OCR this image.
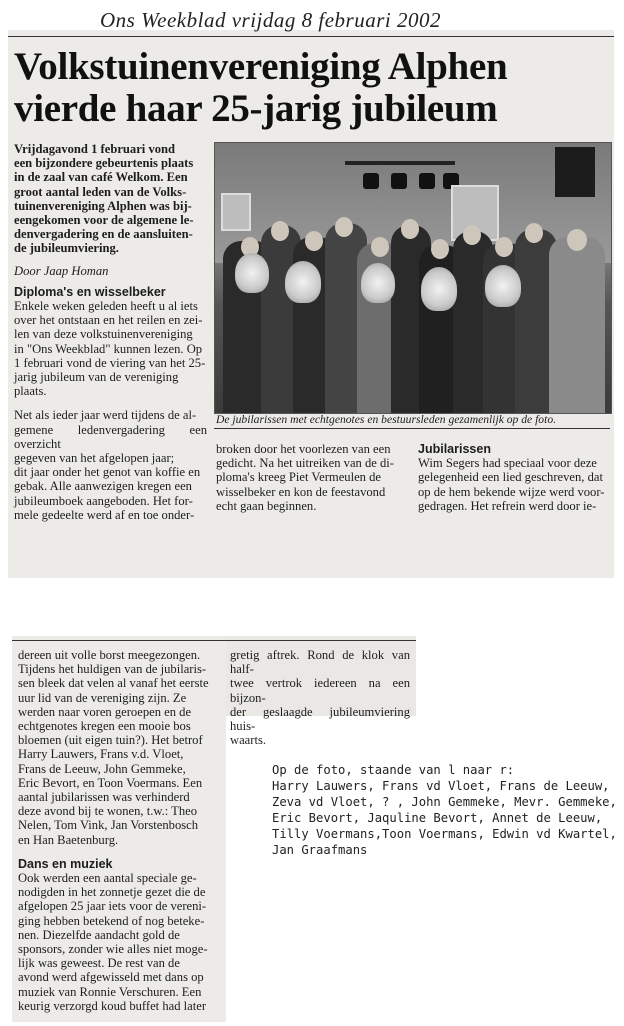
Ons Weekblad vrijdag 8 februari 2002
Volkstuinenvereniging Alphen
vierde haar 25-jarig jubileum

Vrijdagavond 1 februari vond

een bijzondere gebeurtenis plaats

in de zaal van café Welkom. Een

groot aantal leden van de Volks-

tuinenvereniging Alphen was bij-

eengekomen voor de algemene le-

denvergadering en de aansluiten-

de jubileumviering.

Door Jaap Homan

Diploma's en wisselbeker

Enkele weken geleden heeft u al iets

over het ontstaan en het reilen en zei-

len van deze volkstuinenvereniging

in "Ons Weekblad" kunnen lezen. Op

1 februari vond de viering van het 25-

jarig jubileum van de vereniging

plaats.

Net als ieder jaar werd tijdens de al-

gemene ledenvergadering een overzicht

gegeven van het afgelopen jaar;

dit jaar onder het genot van koffie en

gebak. Alle aanwezigen kregen een

jubileumboek aangeboden. Het for-

mele gedeelte werd af en toe onder-

De jubilarissen met echtgenotes en bestuursleden gezamenlijk op de foto.

broken door het voorlezen van een

gedicht. Na het uitreiken van de di-

ploma's kreeg Piet Vermeulen de

wisselbeker en kon de feestavond

echt gaan beginnen.

Jubilarissen

Wim Segers had speciaal voor deze

gelegenheid een lied geschreven, dat

op de hem bekende wijze werd voor-

gedragen. Het refrein werd door ie-

dereen uit volle borst meegezongen.

Tijdens het huldigen van de jubilaris-

sen bleek dat velen al vanaf het eerste

uur lid van de vereniging zijn. Ze

werden naar voren geroepen en de

echtgenotes kregen een mooie bos

bloemen (uit eigen tuin?). Het betrof

Harry Lauwers, Frans v.d. Vloet,

Frans de Leeuw, John Gemmeke,

Eric Bevort, en Toon Voermans. Een

aantal jubilarissen was verhinderd

deze avond bij te wonen, t.w.: Theo

Nelen, Tom Vink, Jan Vorstenbosch

en Han Baetenburg.

Dans en muziek

Ook werden een aantal speciale ge-

nodigden in het zonnetje gezet die de

afgelopen 25 jaar iets voor de vereni-

ging hebben betekend of nog beteke-

nen. Diezelfde aandacht gold de

sponsors, zonder wie alles niet moge-

lijk was geweest. De rest van de

avond werd afgewisseld met dans op

muziek van Ronnie Verschuren. Een

keurig verzorgd koud buffet had later

gretig aftrek. Rond de klok van half-

twee vertrok iedereen na een bijzon-

der geslaagde jubileumviering huis-

waarts.

Op de foto, staande van l naar r:

Harry Lauwers, Frans vd Vloet, Frans de Leeuw,

Zeva vd Vloet, ? , John Gemmeke, Mevr. Gemmeke,

Eric Bevort, Jaquline Bevort, Annet de Leeuw,

Tilly Voermans,Toon Voermans, Edwin vd Kwartel,

Jan Graafmans
